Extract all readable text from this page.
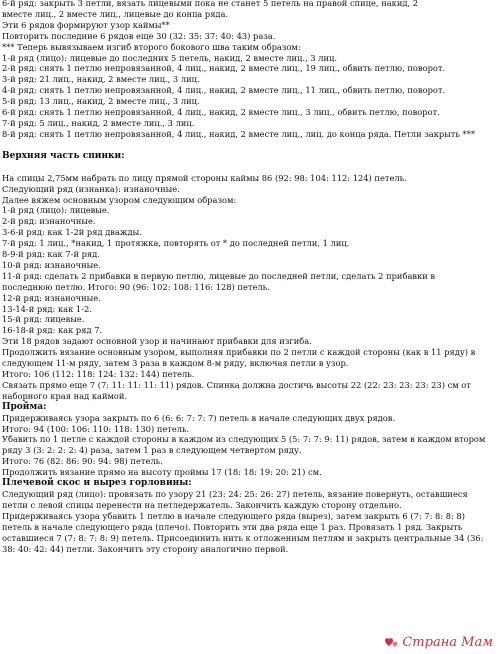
6-й ряд: закрыть 3 петли, вязать лицевыми пока не станет 5 петель на правой спице, накид, 2 вместе лиц., 2 вместе лиц., лицевые до конца ряда.
Эти 6 рядов формируют узор каймы**
Повторить последние 6 рядов еще 30 (32: 35: 37: 40: 43) раза.
*** Теперь вывязываем изгиб второго бокового шва таким образом:
1-й ряд (лицо): лицевые до последних 5 петель, накид, 2 вместе лиц., 3 лиц.
2-й ряд: снять 1 петлю непровязанной, 4 лиц., накид, 2 вместе лиц., 19 лиц., обвить петлю, поворот.
3-й ряд: 21 лиц., накид, 2 вместе лиц., 3 лиц.
4-й ряд: снять 1 петлю непровязанной, 4 лиц., накид, 2 вместе лиц., 11 лиц., обвить петлю, поворот.
5-й ряд: 13 лиц., накид, 2 вместе лиц., 3 лиц.
6-й ряд: снять 1 петлю непровязанной, 4 лиц., накид, 2 вместе лиц., 3 лиц., обвить петлю, поворот.
7-й ряд: 5 лиц., накид, 2 вместе лиц., 3 лиц.
8-й ряд: снять 1 петлю непровязанной, 4 лиц., накид, 2 вместе лиц., лиц. до конца ряда. Петли закрыть ***
Верхняя часть спинки:
На спицы 2,75мм набрать по лицу прямой стороны каймы 86 (92: 98: 104: 112: 124) петель.
Следующий ряд (изнанка): изнаночные.
Далее вяжем основным узором следующим образом:
1-й ряд (лицо): лицевые.
2-й ряд: изнаночные.
3-6-й ряд: как 1-2й ряд дважды.
7-й ряд: 1 лиц., *накид, 1 протяжка, повторять от * до последней петли, 1 лиц.
8-9-й ряд: как 7-й ряд.
10-й ряд: изнаночные.
11-й ряд: сделать 2 прибавки в первую петлю, лицевые до последней петли, сделать 2 прибавки в последнюю петлю. Итого: 90 (96: 102: 108: 116: 128) петель.
12-й ряд: изнаночные.
13-14-й ряд: как 1-2.
15-й ряд: лицевые.
16-18-й ряд: как ряд 7.
Эти 18 рядов задают основной узор и начинают прибавки для изгиба.
Продолжить вязание основным узором, выполняя прибавки по 2 петли с каждой стороны (как в 11 ряду) в следующем 11-м ряду, затем 3 раза в каждом 8-м ряду, включая петли в узор.
Итого: 106 (112: 118: 124: 132: 144) петель.
Связать прямо еще 7 (7: 11: 11: 11: 11) рядов. Спинка должна достичь высоты 22 (22: 23: 23: 23: 23) см от наборного края над каймой.
Пройма:
Придерживаясь узора закрыть по 6 (6: 6: 7: 7: 7) петель в начале следующих двух рядов.
Итого: 94 (100: 106: 110: 118: 130) петель.
Убавить по 1 петле с каждой стороны в каждом из следующих 5 (5: 7: 7: 9: 11) рядов, затем в каждом втором ряду 3 (3: 2: 2: 2: 4) раза, затем 1 раз в следующем четвертом ряду.
Итого: 76 (82: 86: 90: 94: 98) петель.
Продолжить вязание прямо на высоту проймы 17 (18: 18: 19: 20: 21) см.
Плечевой скос и вырез горловины:
Следующий ряд (лицо): провязать по узору 21 (23: 24: 25: 26: 27) петель, вязание повернуть, оставшиеся петли с левой спицы перенести на петледержатель. Закончить каждую сторону отдельно.
Придерживаясь узора убавить 1 петлю в начале следующего ряда (вырез), затем закрыть 6 (7: 7: 8: 8: 8) петель в начале следующего ряда (плечо). Повторить эти два ряда еще 1 раз. Провязать 1 ряд. Закрыть оставшиеся 7 (7: 8: 7: 8: 9) петель. Присоединить нить к отложенным петлям и закрыть центральные 34 (36: 38: 40: 42: 44) петли. Закончить эту сторону аналогично первой.
Страна Мам
